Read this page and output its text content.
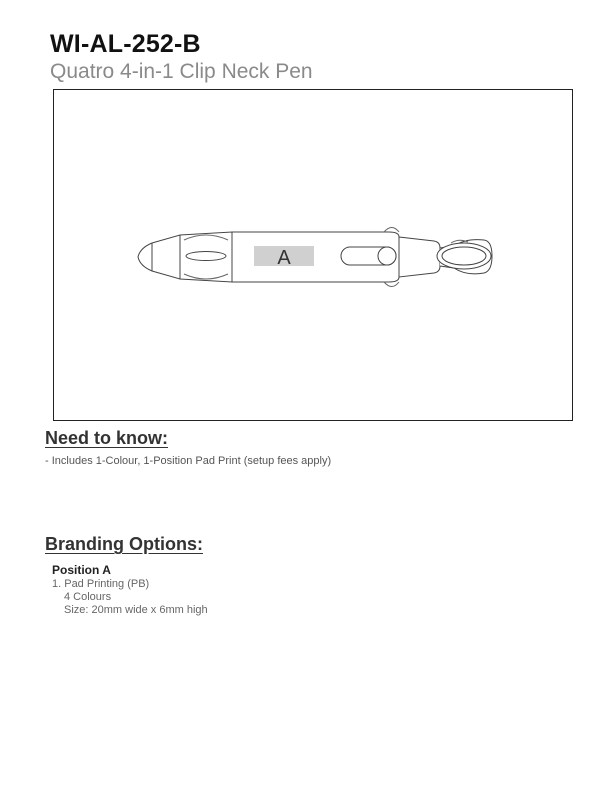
WI-AL-252-B
Quatro 4-in-1 Clip Neck Pen
A
Need to know:
- Includes 1-Colour, 1-Position Pad Print (setup fees apply)
Branding Options:
Position A
1. Pad Printing (PB)
4 Colours
Size: 20mm wide x 6mm high
